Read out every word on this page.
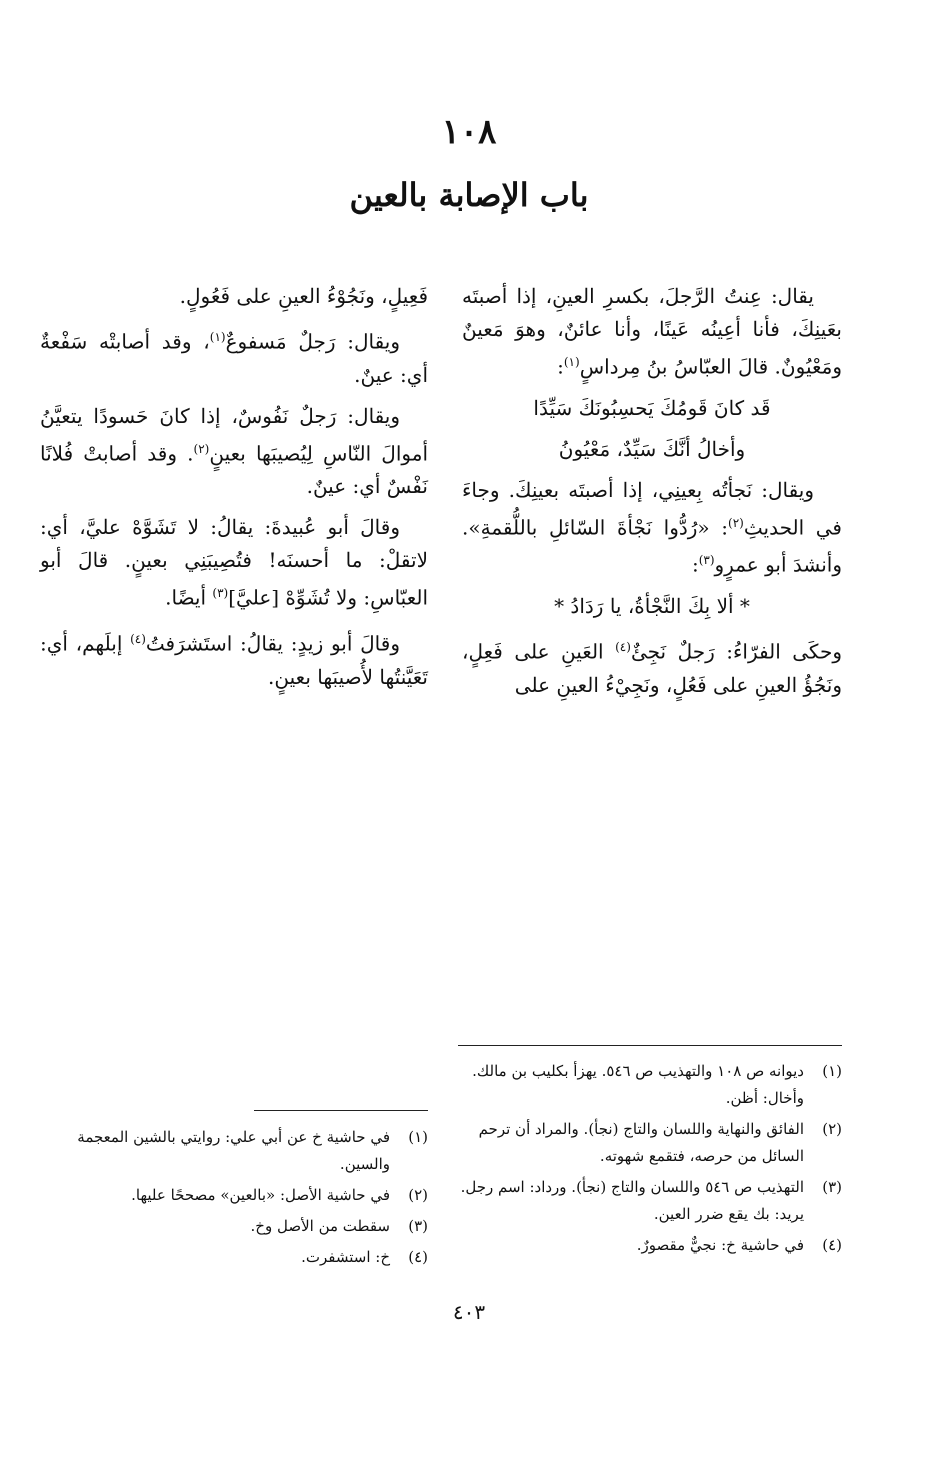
١٠٨
باب الإصابة بالعين

يقال: عِنتُ الرَّجلَ، بكسرِ العينِ، إذا أصبتَه بعَينِكَ، فأنا أعِينُه عَينًا، وأنا عائنٌ، وهوَ مَعينٌ ومَعْيُونٌ. قالَ العبّاسُ بنُ مِرداسٍ$^{(١)}$:

قَد كانَ قَومُكَ يَحسِبُونَكَ سَيِّدًا
وأخالُ أنَّكَ سَيِّدٌ، مَعْيُونُ

ويقال: نَجأتُه بِعينِي، إذا أصبتَه بعينِكَ. وجاءَ في الحديثِ$^{(٢)}$: «رُدُّوا نَجْأةَ السّائلِ باللُّقمةِ». وأنشدَ أبو عمرٍو$^{(٣)}$:

* ألا بِكَ النَّجْأةُ، يا رَدَادُ *

وحكَى الفرّاءُ: رَجلٌ نَجِئٌ$^{(٤)}$ العَينِ على فَعِلٍ، ونَجُؤُ العينِ على فَعُلٍ، ونَجِيْءُ العينِ على

فَعِيلٍ، ونَجُوْءُ العينِ على فَعُولٍ.

ويقال: رَجلٌ مَسفوعٌ$^{(١)}$، وقد أصابتْه سَفْعةٌ أي: عينٌ.

ويقال: رَجلٌ نَفُوسٌ، إذا كانَ حَسودًا يتعيَّنُ أموالَ النّاسِ لِيُصيبَها بعينٍ$^{(٢)}$. وقد أصابتْ فُلانًا نَفْسٌ أي: عينٌ.

وقالَ أبو عُبيدةَ: يقالُ: لا تَشَوَّهْ عليَّ، أي: لاتقلْ: ما أحسنَه! فتُصِيبَنِي بعينٍ. قالَ أبو العبّاسِ: ولا تُشَوِّهْ [عليَّ]$^{(٣)}$ أيضًا.

وقالَ أبو زيدٍ: يقالُ: استَشرَفتُ$^{(٤)}$ إبلَهم، أي: تَعَيَّنتُها لأُصيبَها بعينٍ.

(١)
ديوانه ص ١٠٨ والتهذيب ص ٥٤٦. يهزأ بكليب بن مالك. وأخال: أظن.
(٢)
الفائق والنهاية واللسان والتاج (نجأ). والمراد أن ترحم السائل من حرصه، فتقمع شهوته.
(٣)
التهذيب ص ٥٤٦ واللسان والتاج (نجأ). ورداد: اسم رجل. يريد: بك يقع ضرر العين.
(٤)
في حاشية خ: نجيٌّ مقصورٌ.
(١)
في حاشية خ عن أبي علي: روايتي بالشين المعجمة والسين.
(٢)
في حاشية الأصل: «بالعين» مصححًا عليها.
(٣)
سقطت من الأصل وخ.
(٤)
خ: استشفرت.
٤٠٣
